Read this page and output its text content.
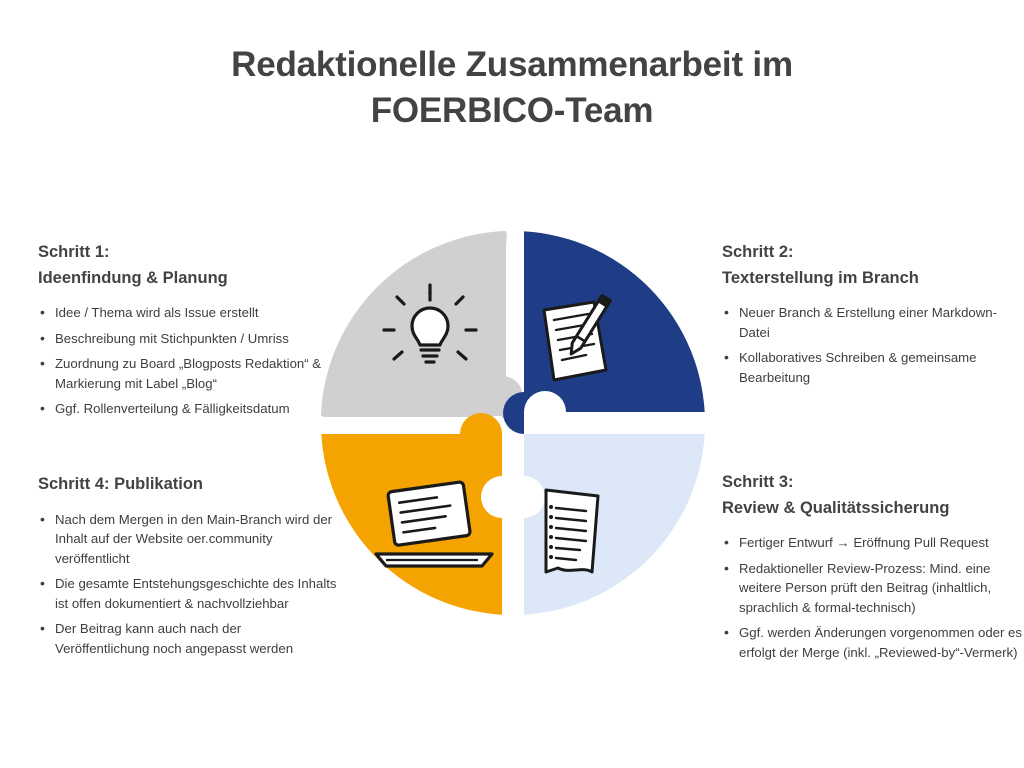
Redaktionelle Zusammenarbeit im
FOERBICO-Team
Schritt 1:
Ideenfindung & Planung
• Idee / Thema wird als Issue erstellt
• Beschreibung mit Stichpunkten / Umriss
• Zuordnung zu Board „Blogposts Redaktion“ & Markierung mit Label „Blog“
• Ggf. Rollenverteilung & Fälligkeitsdatum
Schritt 2:
Texterstellung im Branch
• Neuer Branch & Erstellung einer Markdown-Datei
• Kollaboratives Schreiben & gemeinsame Bearbeitung
Schritt 3:
Review & Qualitätssicherung
• Fertiger Entwurf → Eröffnung Pull Request
• Redaktioneller Review-Prozess: Mind. eine weitere Person prüft den Beitrag (inhaltlich, sprachlich & formal-technisch)
• Ggf. werden Änderungen vorgenommen oder es erfolgt der Merge (inkl. „Reviewed-by“-Vermerk)
Schritt 4: Publikation
• Nach dem Mergen in den Main-Branch wird der Inhalt auf der Website oer.community veröffentlicht
• Die gesamte Entstehungsgeschichte des Inhalts ist offen dokumentiert & nachvollziehbar
• Der Beitrag kann auch nach der Veröffentlichung noch angepasst werden
